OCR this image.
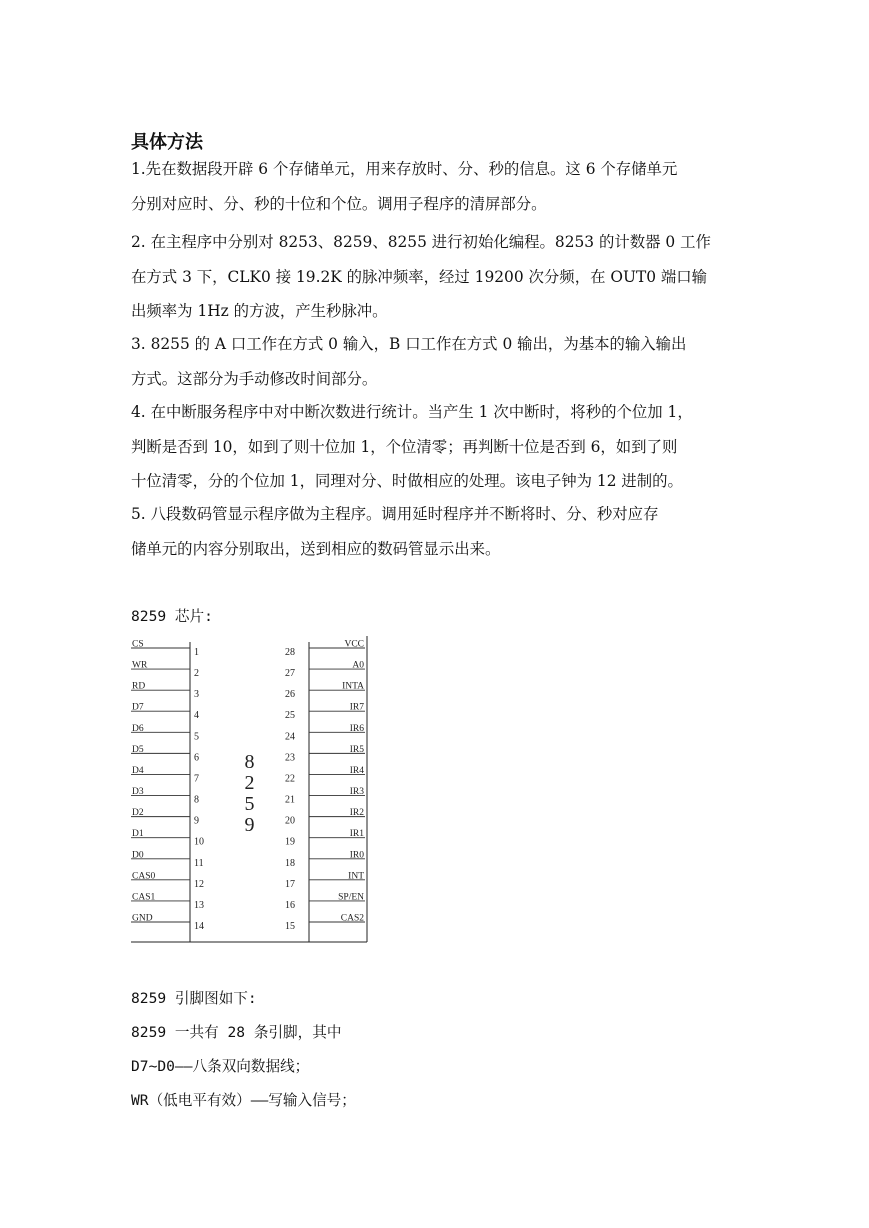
具体方法
1.先在数据段开辟 6 个存储单元，用来存放时、分、秒的信息。这 6 个存储单元
分别对应时、分、秒的十位和个位。调用子程序的清屏部分。
2. 在主程序中分别对 8253、8259、8255 进行初始化编程。8253 的计数器 0 工作
在方式 3 下，CLK0 接 19.2K 的脉冲频率，经过 19200 次分频，在 OUT0 端口输
出频率为 1Hz 的方波，产生秒脉冲。
3. 8255 的 A 口工作在方式 0 输入，B 口工作在方式 0 输出，为基本的输入输出
方式。这部分为手动修改时间部分。
4. 在中断服务程序中对中断次数进行统计。当产生 1 次中断时，将秒的个位加 1，
判断是否到 10，如到了则十位加 1，个位清零；再判断十位是否到 6，如到了则
十位清零，分的个位加 1，同理对分、时做相应的处理。该电子钟为 12 进制的。
5. 八段数码管显示程序做为主程序。调用延时程序并不断将时、分、秒对应存
储单元的内容分别取出，送到相应的数码管显示出来。
8259 芯片:
CS
1
WR
2
RD
3
D7
4
D6
5
D5
6
D4
7
D3
8
D2
9
D1
10
D0
11
CAS0
12
CAS1
13
GND
14
VCC
28
A0
27
INTA
26
IR7
25
IR6
24
IR5
23
IR4
22
IR3
21
IR2
20
IR1
19
IR0
18
INT
17
SP/EN
16
CAS2
15
8
2
5
9
8259 引脚图如下:
8259 一共有 28 条引脚，其中
D7~D0——八条双向数据线；
WR（低电平有效）——写输入信号；
